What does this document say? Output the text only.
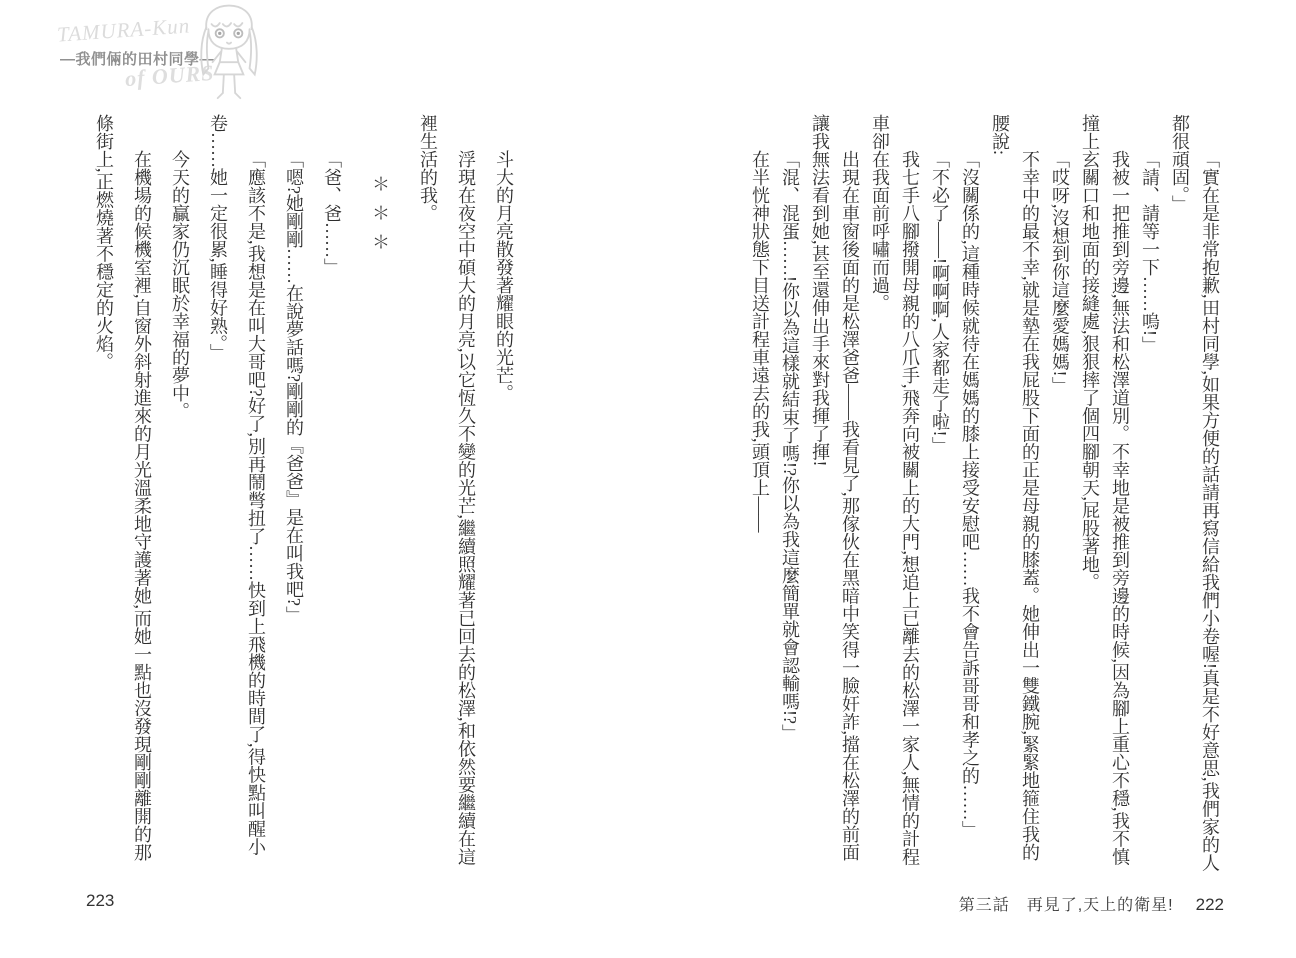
TAMURA-Kun
―我們倆的田村同學―
of OURS

斗大的月亮散發著耀眼的光芒。

浮現在夜空中碩大的月亮,以它恆久不變的光芒,繼續照耀著已回去的松澤,和依然要繼續在這裡生活的我。

＊＊＊

「爸、爸……」

「嗯?她剛剛……在說夢話嗎?剛剛的『爸爸』是在叫我吧?」

「應該不是,我想是在叫大哥吧?好了,別再鬧彆扭了……快到上飛機的時間了,得快點叫醒小卷……她一定很累,睡得好熟。」

今天的贏家仍沉眠於幸福的夢中。

在機場的候機室裡,自窗外斜射進來的月光溫柔地守護著她,而她一點也沒發現剛剛離開的那條街上,正燃燒著不穩定的火焰。	「實在是非常抱歉,田村同學,如果方便的話請再寫信給我們小卷喔!真是不好意思,我們家的人都很頑固。」

「請、請等一下……嗚!」

我被一把推到旁邊,無法和松澤道別。不幸地是被推到旁邊的時候,因為腳上重心不穩,我不慎撞上玄關口和地面的接縫處,狠狠摔了個四腳朝天,屁股著地。

「哎呀,沒想到你這麼愛媽媽!」

不幸中的最不幸,就是墊在我屁股下面的正是母親的膝蓋。她伸出一雙鐵腕,緊緊地箍住我的腰說:

「沒關係的,這種時候就待在媽媽的膝上接受安慰吧……我不會告訴哥哥和孝之的……」

「不必了——!啊啊啊,人家都走了啦!」

我七手八腳撥開母親的八爪手,飛奔向被關上的大門,想追上已離去的松澤一家人,無情的計程車卻在我面前呼嘯而過。

出現在車窗後面的是松澤爸爸——我看見了,那傢伙在黑暗中笑得一臉奸詐,擋在松澤的前面讓我無法看到她,甚至還伸出手來對我揮了揮!

「混、混蛋……!你以為這樣就結束了嗎!?你以為我這麼簡單就會認輸嗎!?」

在半恍神狀態下目送計程車遠去的我,頭頂上——

223	第三話　再見了,天上的衛星! 222
